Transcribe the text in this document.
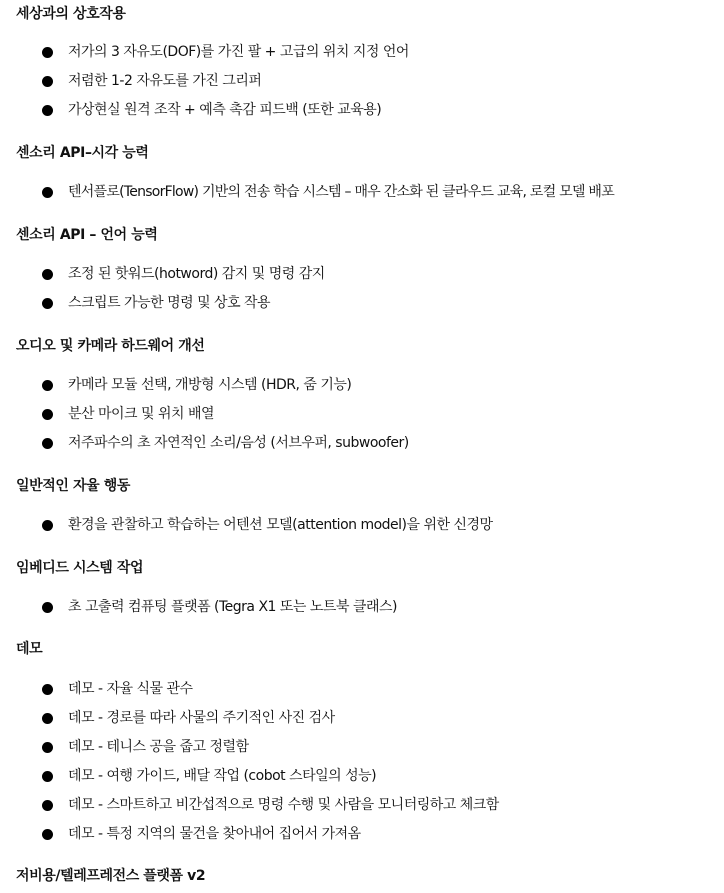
세상과의 상호작용
저가의 3 자유도(DOF)를 가진 팔 + 고급의 위치 지정 언어
저렴한 1-2 자유도를 가진 그리퍼
가상현실 원격 조작 + 예측 촉감 피드백 (또한 교육용)
센소리 API–시각 능력
텐서플로(TensorFlow) 기반의 전송 학습 시스템 – 매우 간소화 된 클라우드 교육, 로컬 모델 배포
센소리 API – 언어 능력
조정 된 핫워드(hotword) 감지 및 명령 감지
스크립트 가능한 명령 및 상호 작용
오디오 및 카메라 하드웨어 개선
카메라 모듈 선택, 개방형 시스템 (HDR, 줌 기능)
분산 마이크 및 위치 배열
저주파수의 초 자연적인 소리/음성 (서브우퍼, subwoofer)
일반적인 자율 행동
환경을 관찰하고 학습하는 어텐션 모델(attention model)을 위한 신경망
임베디드 시스템 작업
초 고출력 컴퓨팅 플랫폼 (Tegra X1 또는 노트북 클래스)
데모
데모 - 자율 식물 관수
데모 - 경로를 따라 사물의 주기적인 사진 검사
데모 - 테니스 공을 줍고 정렬함
데모 - 여행 가이드, 배달 작업 (cobot 스타일의 성능)
데모 - 스마트하고 비간섭적으로 명령 수행 및 사람을 모니터링하고 체크함
데모 - 특정 지역의 물건을 찾아내어 집어서 가져옴
저비용/텔레프레전스 플랫폼 v2
